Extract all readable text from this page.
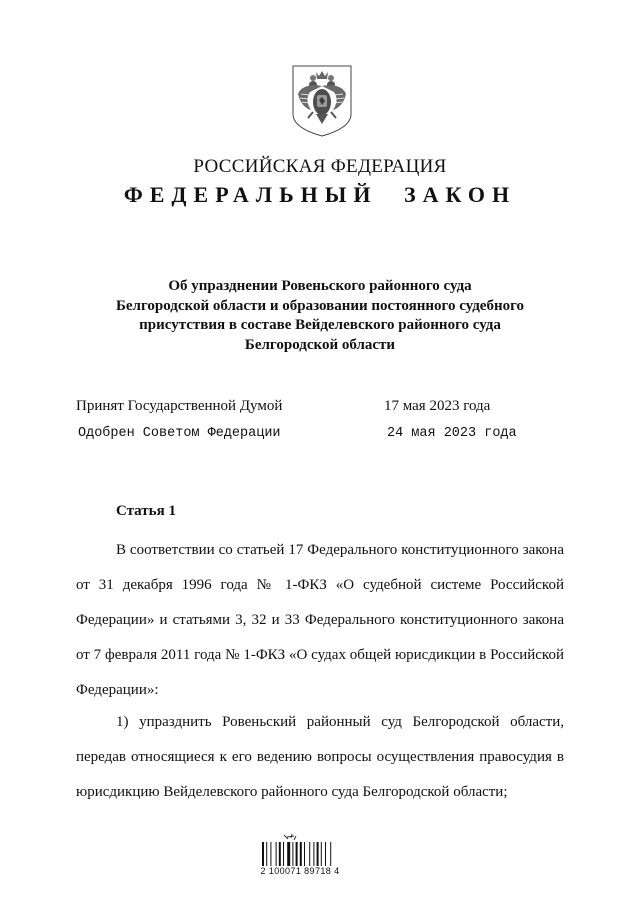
РОССИЙСКАЯ ФЕДЕРАЦИЯ
ФЕДЕРАЛЬНЫЙ ЗАКОН
Об упразднении Ровеньского районного суда
Белгородской области и образовании постоянного судебного
присутствия в составе Вейделевского районного суда
Белгородской области
Принят Государственной Думой	17 мая 2023 года
Одобрен Советом Федерации	24 мая 2023 года
Статья 1

В соответствии со статьей 17 Федерального конституционного закона от 31 декабря 1996 года № 1-ФКЗ «О судебной системе Российской Федерации» и статьями 3, 32 и 33 Федерального конституционного закона от 7 февраля 2011 года № 1-ФКЗ «О судах общей юрисдикции в Российской Федерации»:

1) упразднить Ровеньский районный суд Белгородской области, передав относящиеся к его ведению вопросы осуществления правосудия в юрисдикцию Вейделевского районного суда Белгородской области;

2 100071 89718 4
